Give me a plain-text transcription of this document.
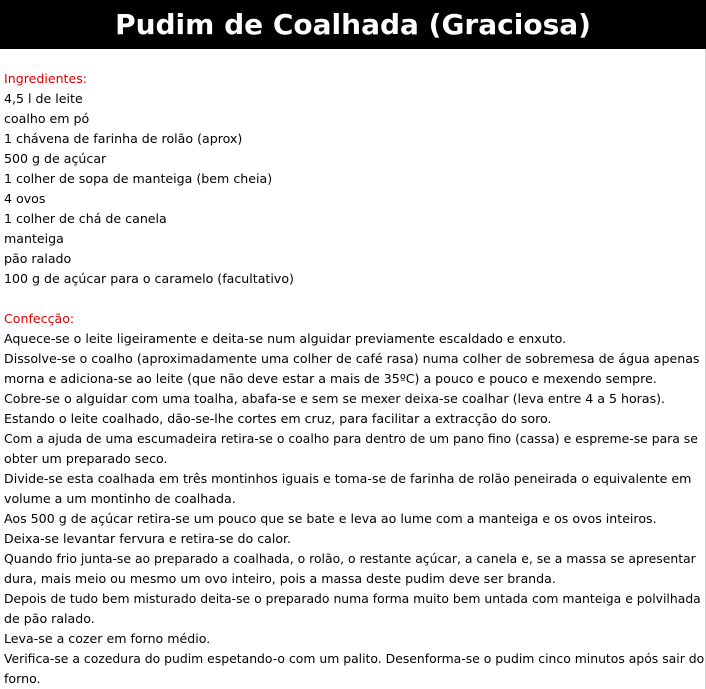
Pudim de Coalhada (Graciosa)
Ingredientes:
4,5 l de leite
coalho em pó
1 chávena de farinha de rolão (aprox)
500 g de açúcar
1 colher de sopa de manteiga (bem cheia)
4 ovos
1 colher de chá de canela
manteiga
pão ralado
100 g de açúcar para o caramelo (facultativo)
Confecção:
Aquece-se o leite ligeiramente e deita-se num alguidar previamente escaldado e enxuto.
Dissolve-se o coalho (aproximadamente uma colher de café rasa) numa colher de sobremesa de água apenas
morna e adiciona-se ao leite (que não deve estar a mais de 35ºC) a pouco e pouco e mexendo sempre.
Cobre-se o alguidar com uma toalha, abafa-se e sem se mexer deixa-se coalhar (leva entre 4 a 5 horas).
Estando o leite coalhado, dão-se-lhe cortes em cruz, para facilitar a extracção do soro.
Com a ajuda de uma escumadeira retira-se o coalho para dentro de um pano fino (cassa) e espreme-se para se
obter um preparado seco.
Divide-se esta coalhada em três montinhos iguais e toma-se de farinha de rolão peneirada o equivalente em
volume a um montinho de coalhada.
Aos 500 g de açúcar retira-se um pouco que se bate e leva ao lume com a manteiga e os ovos inteiros.
Deixa-se levantar fervura e retira-se do calor.
Quando frio junta-se ao preparado a coalhada, o rolão, o restante açúcar, a canela e, se a massa se apresentar
dura, mais meio ou mesmo um ovo inteiro, pois a massa deste pudim deve ser branda.
Depois de tudo bem misturado deita-se o preparado numa forma muito bem untada com manteiga e polvilhada
de pão ralado.
Leva-se a cozer em forno médio.
Verifica-se a cozedura do pudim espetando-o com um palito. Desenforma-se o pudim cinco minutos após sair do
forno.
